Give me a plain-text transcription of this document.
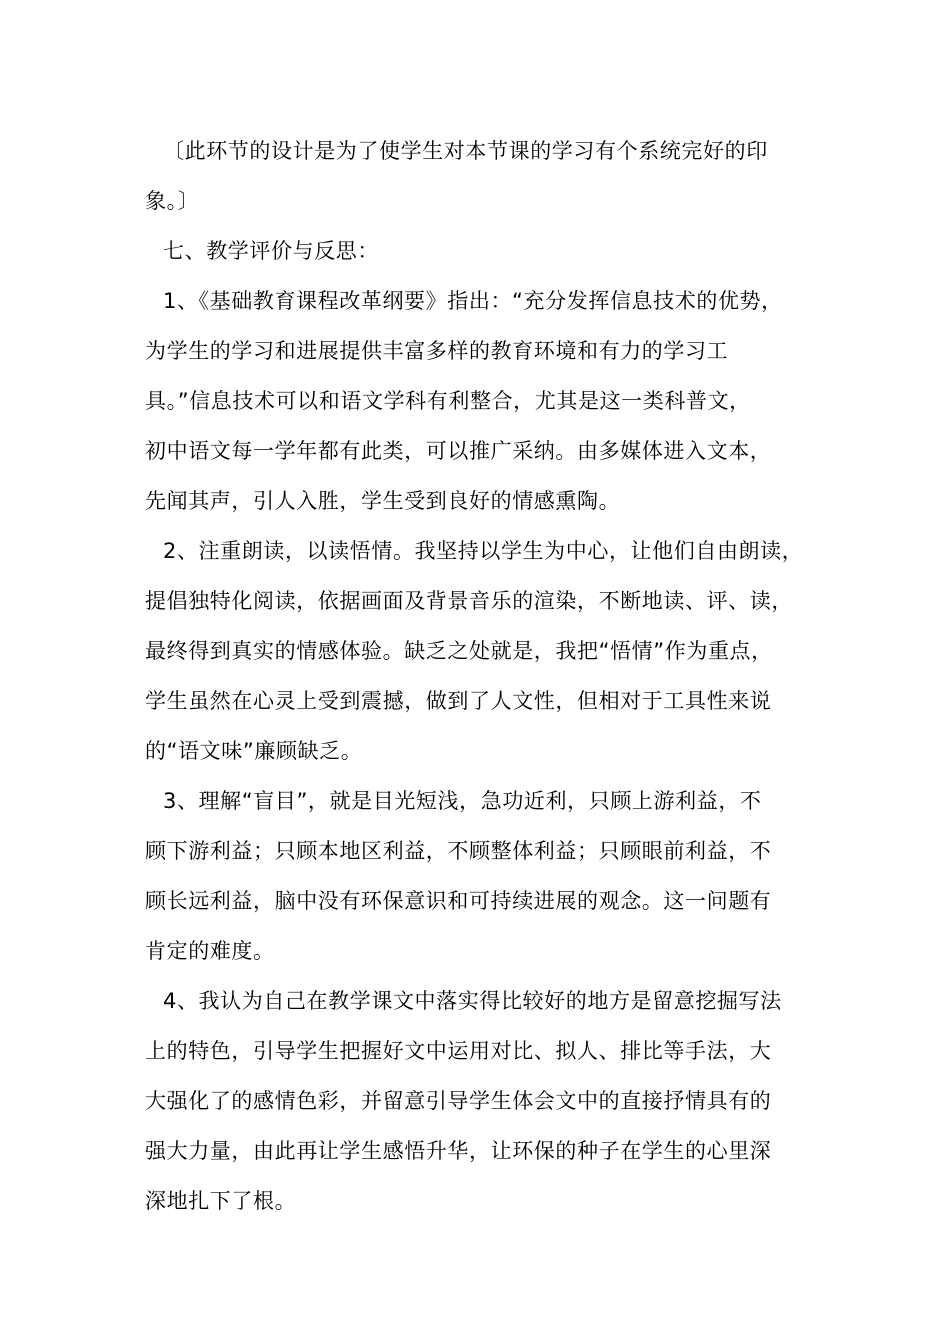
〔此环节的设计是为了使学生对本节课的学习有个系统完好的印
象。〕
七、教学评价与反思：
1、《基础教育课程改革纲要》指出：“充分发挥信息技术的优势，
为学生的学习和进展提供丰富多样的教育环境和有力的学习工
具。”信息技术可以和语文学科有利整合，尤其是这一类科普文，
初中语文每一学年都有此类，可以推广采纳。由多媒体进入文本，
先闻其声，引人入胜，学生受到良好的情感熏陶。
2、注重朗读，以读悟情。我坚持以学生为中心，让他们自由朗读，
提倡独特化阅读，依据画面及背景音乐的渲染，不断地读、评、读，
最终得到真实的情感体验。缺乏之处就是，我把“悟情”作为重点，
学生虽然在心灵上受到震撼，做到了人文性，但相对于工具性来说
的“语文味”廉顾缺乏。
3、理解“盲目”，就是目光短浅，急功近利，只顾上游利益，不
顾下游利益；只顾本地区利益，不顾整体利益；只顾眼前利益，不
顾长远利益，脑中没有环保意识和可持续进展的观念。这一问题有
肯定的难度。
4、我认为自己在教学课文中落实得比较好的地方是留意挖掘写法
上的特色，引导学生把握好文中运用对比、拟人、排比等手法，大
大强化了的感情色彩，并留意引导学生体会文中的直接抒情具有的
强大力量，由此再让学生感悟升华，让环保的种子在学生的心里深
深地扎下了根。
